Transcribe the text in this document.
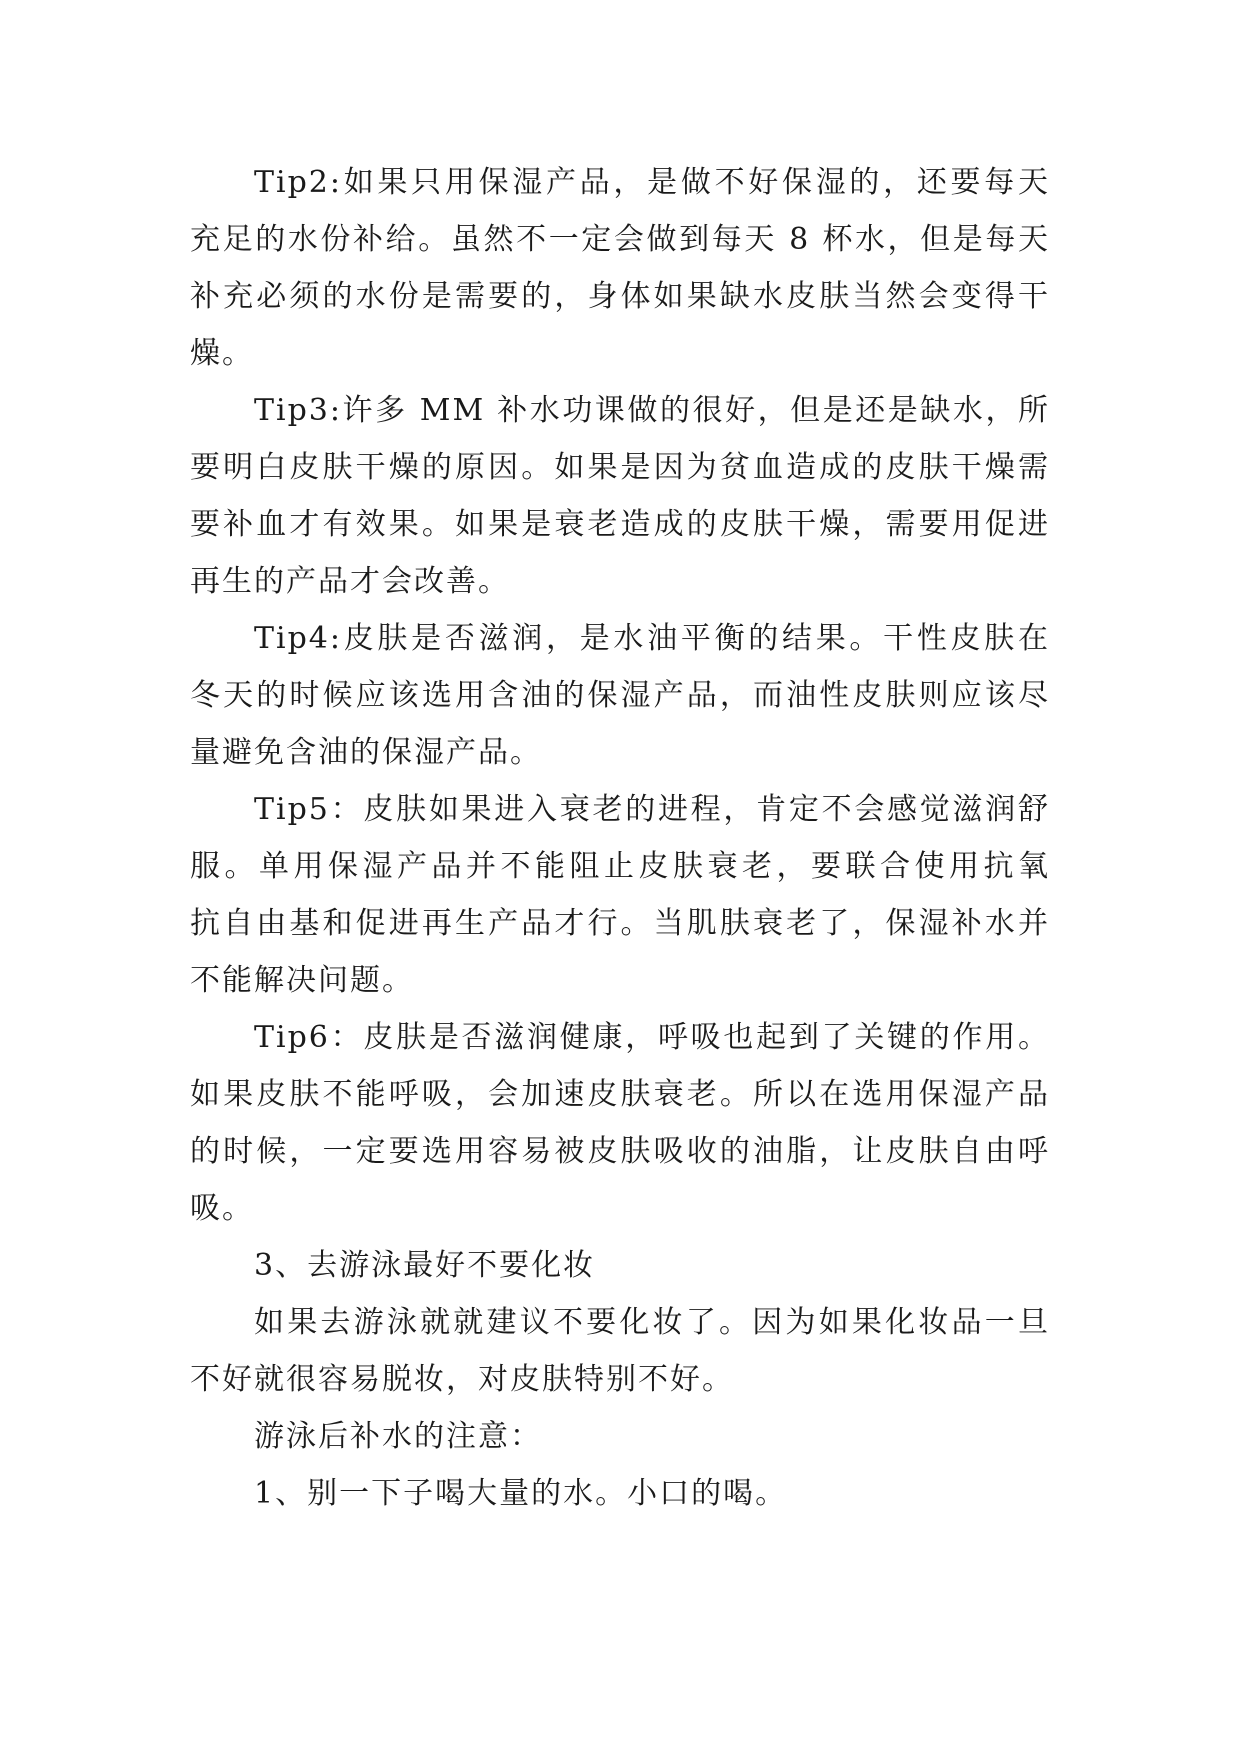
Tip2:如果只用保湿产品，是做不好保湿的，还要每天
充足的水份补给。虽然不一定会做到每天 8 杯水，但是每天
补充必须的水份是需要的，身体如果缺水皮肤当然会变得干
燥。
Tip3:许多 MM 补水功课做的很好，但是还是缺水，所
要明白皮肤干燥的原因。如果是因为贫血造成的皮肤干燥需
要补血才有效果。如果是衰老造成的皮肤干燥，需要用促进
再生的产品才会改善。
Tip4:皮肤是否滋润，是水油平衡的结果。干性皮肤在
冬天的时候应该选用含油的保湿产品，而油性皮肤则应该尽
量避免含油的保湿产品。
Tip5：皮肤如果进入衰老的进程，肯定不会感觉滋润舒
服。单用保湿产品并不能阻止皮肤衰老，要联合使用抗氧
抗自由基和促进再生产品才行。当肌肤衰老了，保湿补水并
不能解决问题。
Tip6：皮肤是否滋润健康，呼吸也起到了关键的作用。
如果皮肤不能呼吸，会加速皮肤衰老。所以在选用保湿产品
的时候，一定要选用容易被皮肤吸收的油脂，让皮肤自由呼
吸。
3、去游泳最好不要化妆
如果去游泳就就建议不要化妆了。因为如果化妆品一旦
不好就很容易脱妆，对皮肤特别不好。
游泳后补水的注意：
1、别一下子喝大量的水。小口的喝。
